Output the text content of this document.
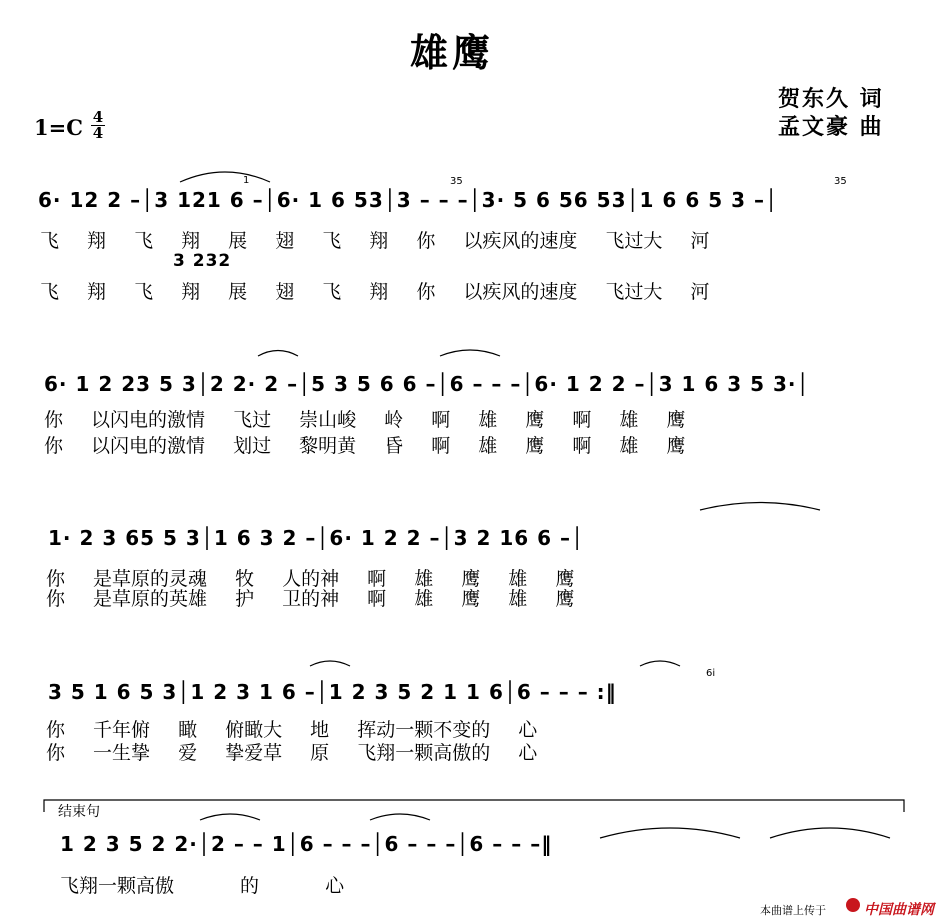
雄鹰
贺东久 词
孟文豪 曲
1=C 4
4
6· 12 2 –│3 121 6 –│6· 1 6 53│3 – – –│3· 5 6 56 53│1 6 6 5 3 –│
飞 翔 飞 翔 展 翅 飞 翔 你 以疾风的速度 飞过大 河
3 232
飞 翔 飞 翔 展 翅 飞 翔 你 以疾风的速度 飞过大 河
6· 1 2 23 5 3│2 2· 2 –│5 3 5 6 6 –│6 – – –│6· 1 2 2 –│3 1 6 3 5 3·│
你 以闪电的激情 飞过 崇山峻 岭 啊 雄 鹰 啊 雄 鹰
你 以闪电的激情 划过 黎明黄 昏 啊 雄 鹰 啊 雄 鹰
1· 2 3 65 5 3│1 6 3 2 –│6· 1 2 2 –│3 2 16 6 –│
你 是草原的灵魂 牧 人的神 啊 雄 鹰 雄 鹰
你 是草原的英雄 护 卫的神 啊 雄 鹰 雄 鹰
3 5 1 6 5 3│1 2 3 1 6 –│1 2 3 5 2 1 1 6│6 – – – :‖
你 千年俯 瞰 俯瞰大 地 挥动一颗不变的 心
你 一生挚 爱 挚爱草 原 飞翔一颗高傲的 心
结束句
1 2 3 5 2 2·│2 – – 1│6 – – –│6 – – –│6 – – –‖
飞翔一颗高傲 的 心
1	35	35
6i
本曲谱上传于	中国曲谱网
